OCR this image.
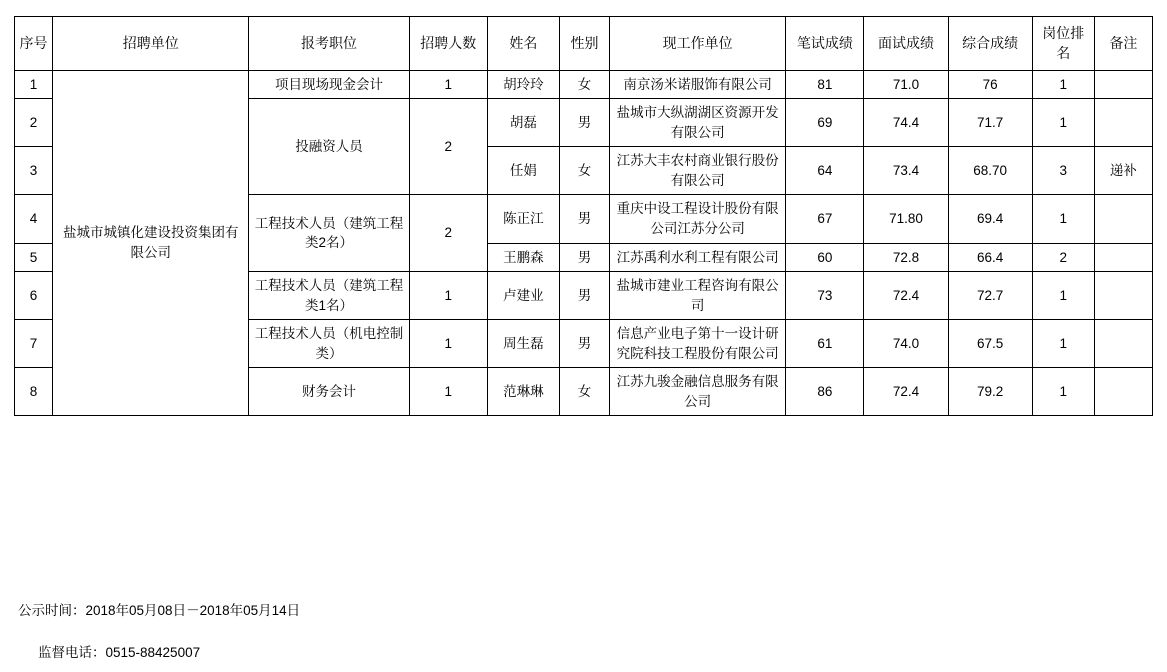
序号	招聘单位	报考职位	招聘人数	姓名	性别	现工作单位	笔试成绩	面试成绩	综合成绩	岗位排名	备注
1	盐城市城镇化建设投资集团有限公司	项目现场现金会计	1	胡玲玲	女	南京汤米诺服饰有限公司	81	71.0	76	1	
2		投融资人员	2	胡磊	男	盐城市大纵湖湖区资源开发有限公司	69	74.4	71.7	1	
3				任娟	女	江苏大丰农村商业银行股份有限公司	64	73.4	68.70	3	递补
4		工程技术人员（建筑工程类2名）	2	陈正江	男	重庆中设工程设计股份有限公司江苏分公司	67	71.80	69.4	1	
5				王鹏森	男	江苏禹利水利工程有限公司	60	72.8	66.4	2	
6		工程技术人员（建筑工程类1名）	1	卢建业	男	盐城市建业工程咨询有限公司	73	72.4	72.7	1	
7		工程技术人员（机电控制类）	1	周生磊	男	信息产业电子第十一设计研究院科技工程股份有限公司	61	74.0	67.5	1	
8		财务会计	1	范琳琳	女	江苏九骏金融信息服务有限公司	86	72.4	79.2	1	
公示时间：2018年05月08日－2018年05月14日
监督电话：0515-88425007
